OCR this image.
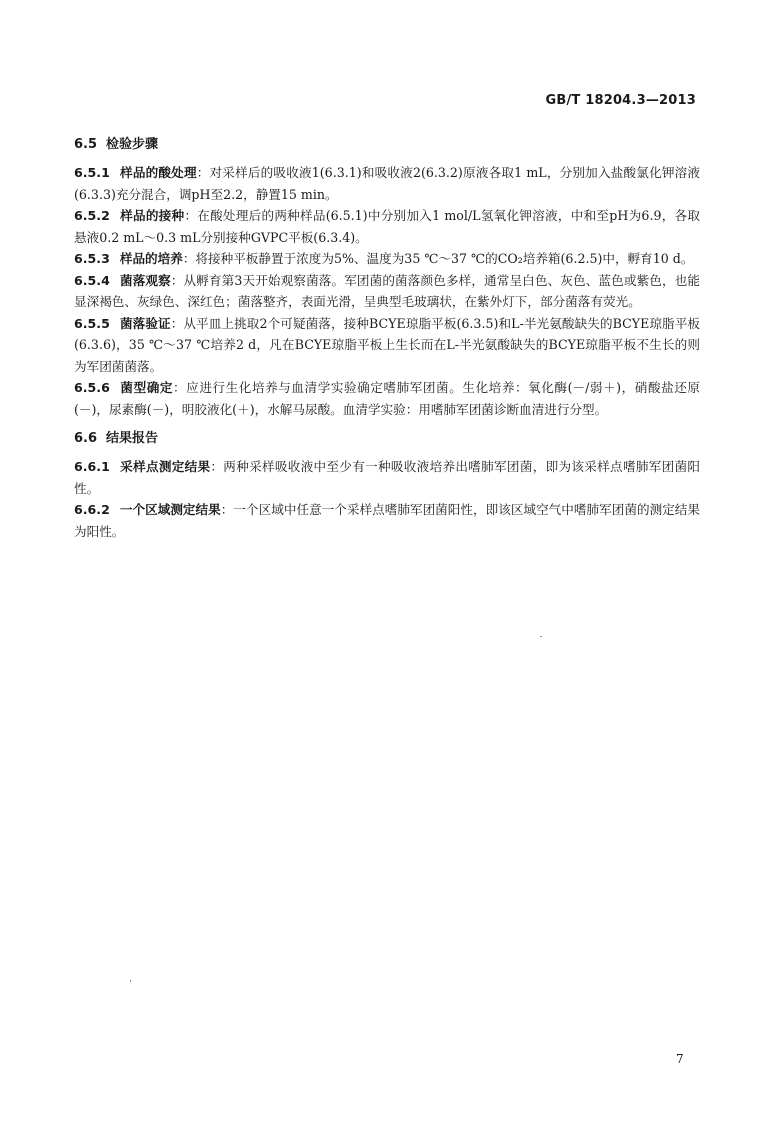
GB/T 18204.3—2013
6.5 检验步骤
6.5.1 样品的酸处理：对采样后的吸收液1(6.3.1)和吸收液2(6.3.2)原液各取1 mL，分别加入盐酸氯化钾溶液(6.3.3)充分混合，调pH至2.2，静置15 min。
6.5.2 样品的接种：在酸处理后的两种样品(6.5.1)中分别加入1 mol/L氢氧化钾溶液，中和至pH为6.9，各取悬液0.2 mL～0.3 mL分别接种GVPC平板(6.3.4)。
6.5.3 样品的培养：将接种平板静置于浓度为5%、温度为35 ℃～37 ℃的CO₂培养箱(6.2.5)中，孵育10 d。
6.5.4 菌落观察：从孵育第3天开始观察菌落。军团菌的菌落颜色多样，通常呈白色、灰色、蓝色或紫色，也能显深褐色、灰绿色、深红色；菌落整齐，表面光滑，呈典型毛玻璃状，在紫外灯下，部分菌落有荧光。
6.5.5 菌落验证：从平皿上挑取2个可疑菌落，接种BCYE琼脂平板(6.3.5)和L-半光氨酸缺失的BCYE琼脂平板(6.3.6)，35 ℃～37 ℃培养2 d，凡在BCYE琼脂平板上生长而在L-半光氨酸缺失的BCYE琼脂平板不生长的则为军团菌菌落。
6.5.6 菌型确定：应进行生化培养与血清学实验确定嗜肺军团菌。生化培养：氧化酶(－/弱＋)，硝酸盐还原(－)，尿素酶(－)，明胶液化(＋)，水解马尿酸。血清学实验：用嗜肺军团菌诊断血清进行分型。
6.6 结果报告
6.6.1 采样点测定结果：两种采样吸收液中至少有一种吸收液培养出嗜肺军团菌，即为该采样点嗜肺军团菌阳性。
6.6.2 一个区域测定结果：一个区域中任意一个采样点嗜肺军团菌阳性，即该区域空气中嗜肺军团菌的测定结果为阳性。
7
